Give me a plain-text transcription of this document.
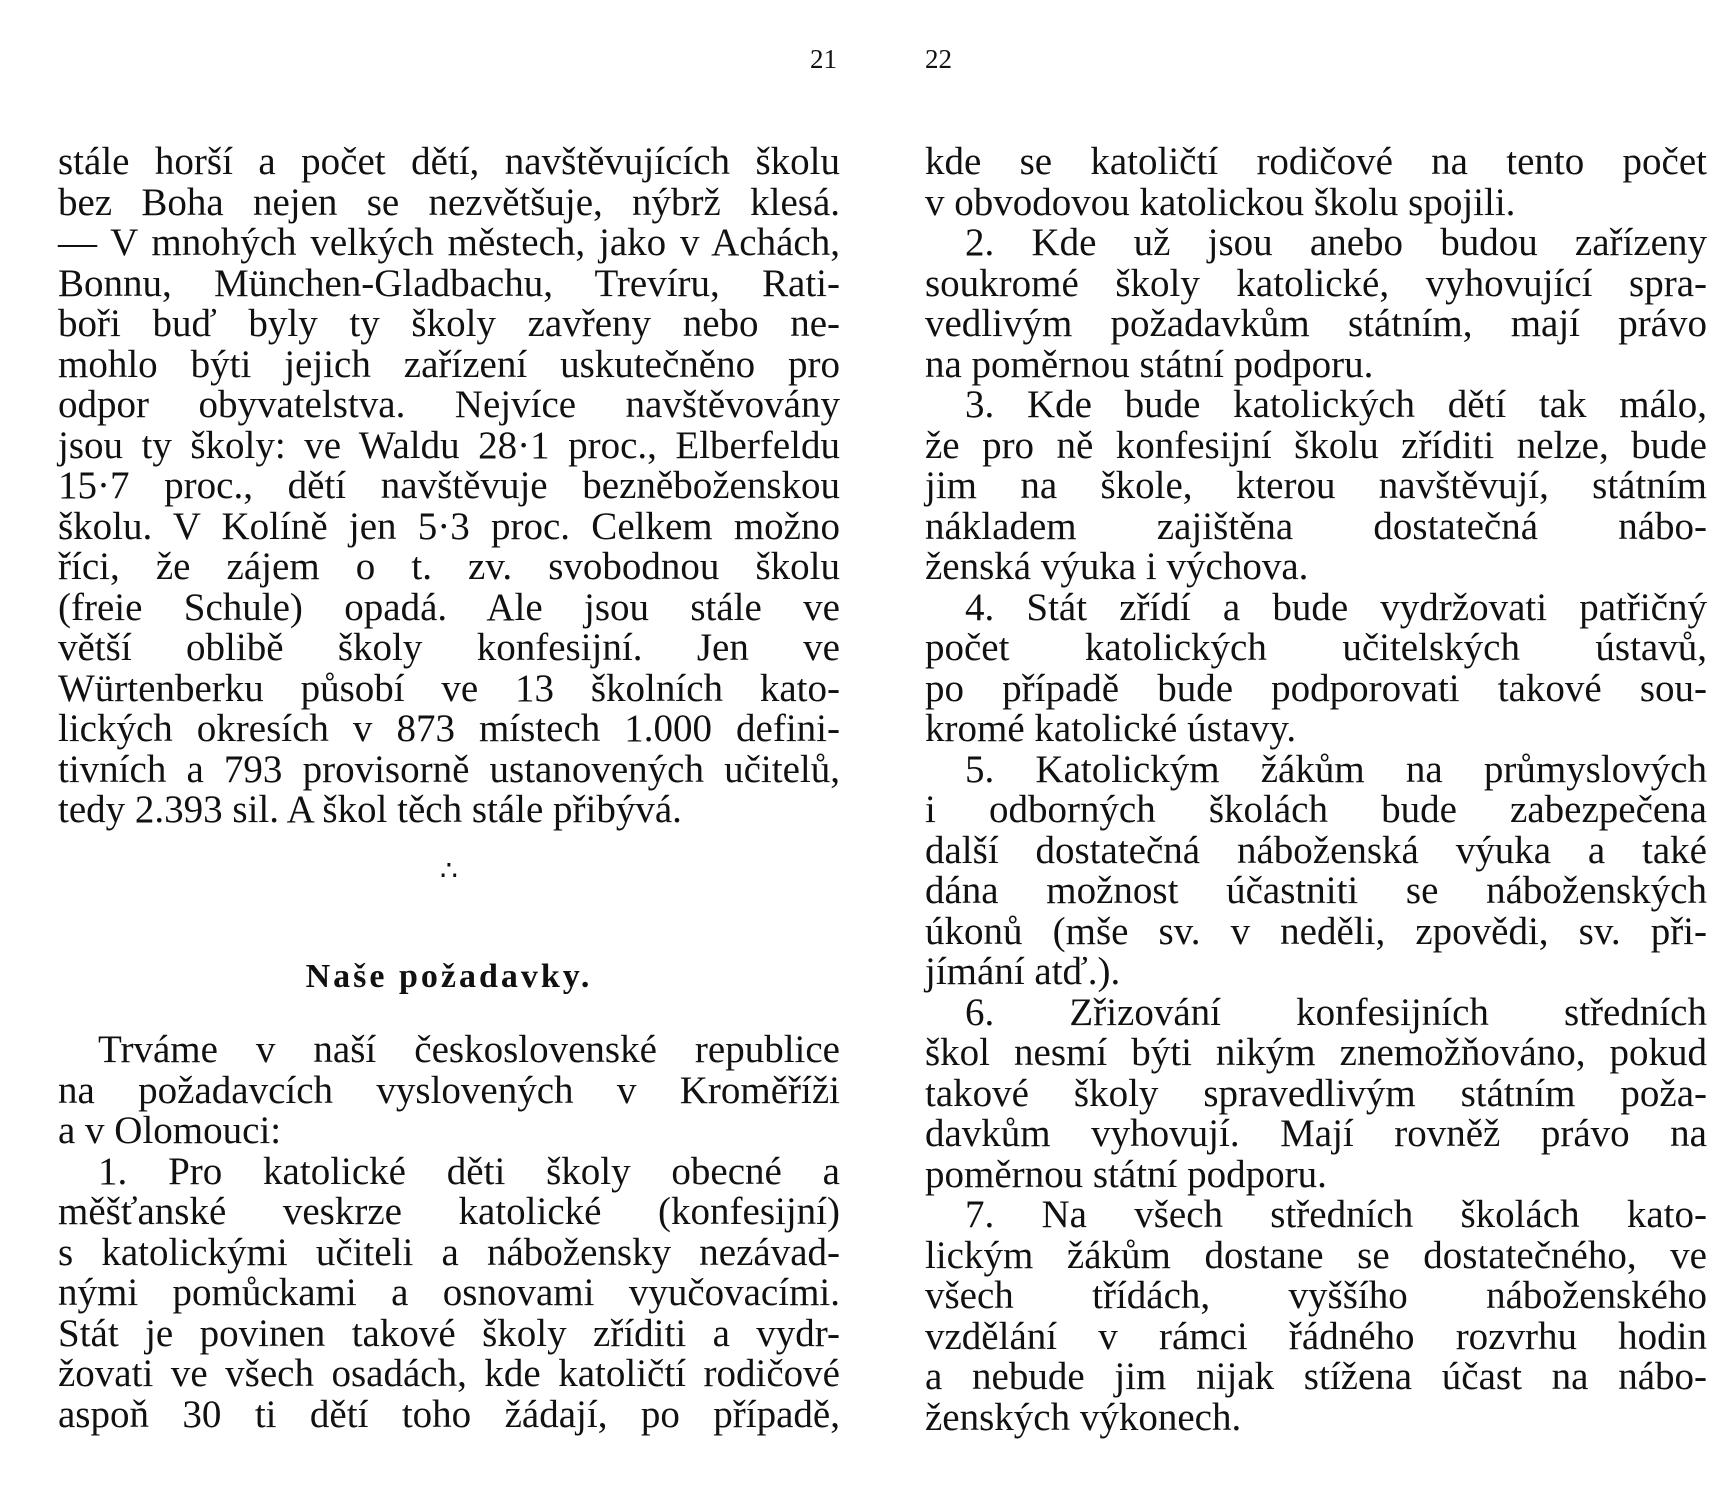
21	22
stále horší a počet dětí, navštěvujících školu
bez Boha nejen se nezvětšuje, nýbrž klesá.
— V mnohých velkých městech, jako v Achách,
Bonnu, München-Gladbachu, Trevíru, Rati-
boři buď byly ty školy zavřeny nebo ne-
mohlo býti jejich zařízení uskutečněno pro
odpor obyvatelstva. Nejvíce navštěvovány
jsou ty školy: ve Waldu 28·1 proc., Elberfeldu
15·7 proc., dětí navštěvuje bezněboženskou
školu. V Kolíně jen 5·3 proc. Celkem možno
říci, že zájem o t. zv. svobodnou školu
(freie Schule) opadá. Ale jsou stále ve
větší oblibě školy konfesijní. Jen ve
Würtenberku působí ve 13 školních kato-
lických okresích v 873 místech 1.000 defini-
tivních a 793 provisorně ustanovených učitelů,
tedy 2.393 sil. A škol těch stále přibývá.
∴
Naše požadavky.
Trváme v naší československé republice
na požadavcích vyslovených v Kroměříži
a v Olomouci:
1. Pro katolické děti školy obecné a
měšťanské veskrze katolické (konfesijní)
s katolickými učiteli a nábožensky nezávad-
nými pomůckami a osnovami vyučovacími.
Stát je povinen takové školy zříditi a vydr-
žovati ve všech osadách, kde katoličtí rodičové
aspoň 30 ti dětí toho žádají, po případě,
kde se katoličtí rodičové na tento počet
v obvodovou katolickou školu spojili.
2. Kde už jsou anebo budou zařízeny
soukromé školy katolické, vyhovující spra-
vedlivým požadavkům státním, mají právo
na poměrnou státní podporu.
3. Kde bude katolických dětí tak málo,
že pro ně konfesijní školu zříditi nelze, bude
jim na škole, kterou navštěvují, státním
nákladem zajištěna dostatečná nábo-
ženská výuka i výchova.
4. Stát zřídí a bude vydržovati patřičný
počet katolických učitelských ústavů,
po případě bude podporovati takové sou-
kromé katolické ústavy.
5. Katolickým žákům na průmyslových
i odborných školách bude zabezpečena
další dostatečná náboženská výuka a také
dána možnost účastniti se náboženských
úkonů (mše sv. v neděli, zpovědi, sv. při-
jímání atď.).
6. Zřizování konfesijních středních
škol nesmí býti nikým znemožňováno, pokud
takové školy spravedlivým státním poža-
davkům vyhovují. Mají rovněž právo na
poměrnou státní podporu.
7. Na všech středních školách kato-
lickým žákům dostane se dostatečného, ve
všech třídách, vyššího náboženského
vzdělání v rámci řádného rozvrhu hodin
a nebude jim nijak stížena účast na nábo-
ženských výkonech.
